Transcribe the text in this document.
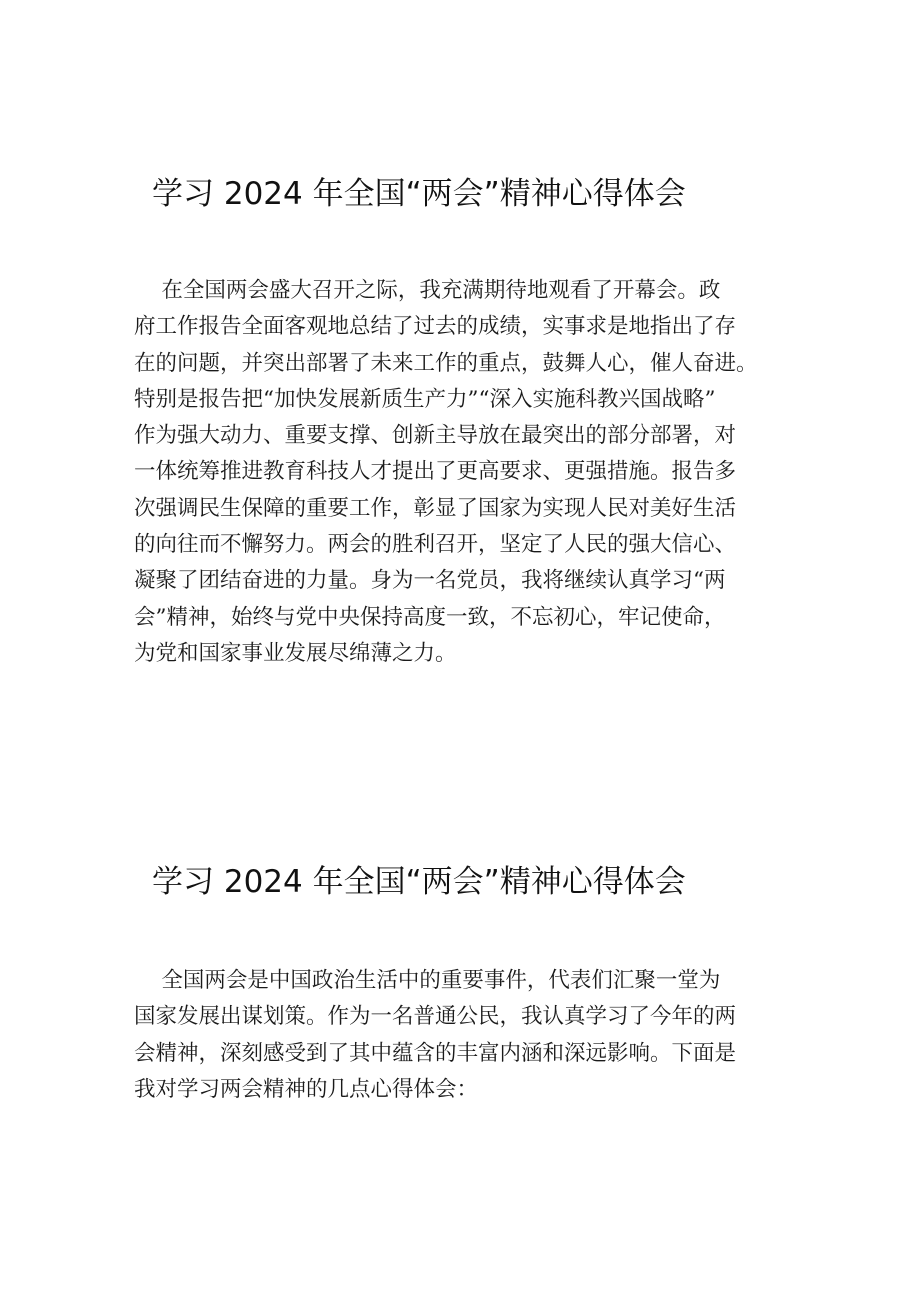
学习 2024 年全国“两会”精神心得体会
在全国两会盛大召开之际，我充满期待地观看了开幕会。政
府工作报告全面客观地总结了过去的成绩，实事求是地指出了存
在的问题，并突出部署了未来工作的重点，鼓舞人心，催人奋进。
特别是报告把“加快发展新质生产力”“深入实施科教兴国战略”
作为强大动力、重要支撑、创新主导放在最突出的部分部署，对
一体统筹推进教育科技人才提出了更高要求、更强措施。报告多
次强调民生保障的重要工作，彰显了国家为实现人民对美好生活
的向往而不懈努力。两会的胜利召开，坚定了人民的强大信心、
凝聚了团结奋进的力量。身为一名党员，我将继续认真学习“两
会”精神，始终与党中央保持高度一致，不忘初心，牢记使命，
为党和国家事业发展尽绵薄之力。
学习 2024 年全国“两会”精神心得体会
全国两会是中国政治生活中的重要事件，代表们汇聚一堂为
国家发展出谋划策。作为一名普通公民，我认真学习了今年的两
会精神，深刻感受到了其中蕴含的丰富内涵和深远影响。下面是
我对学习两会精神的几点心得体会：
